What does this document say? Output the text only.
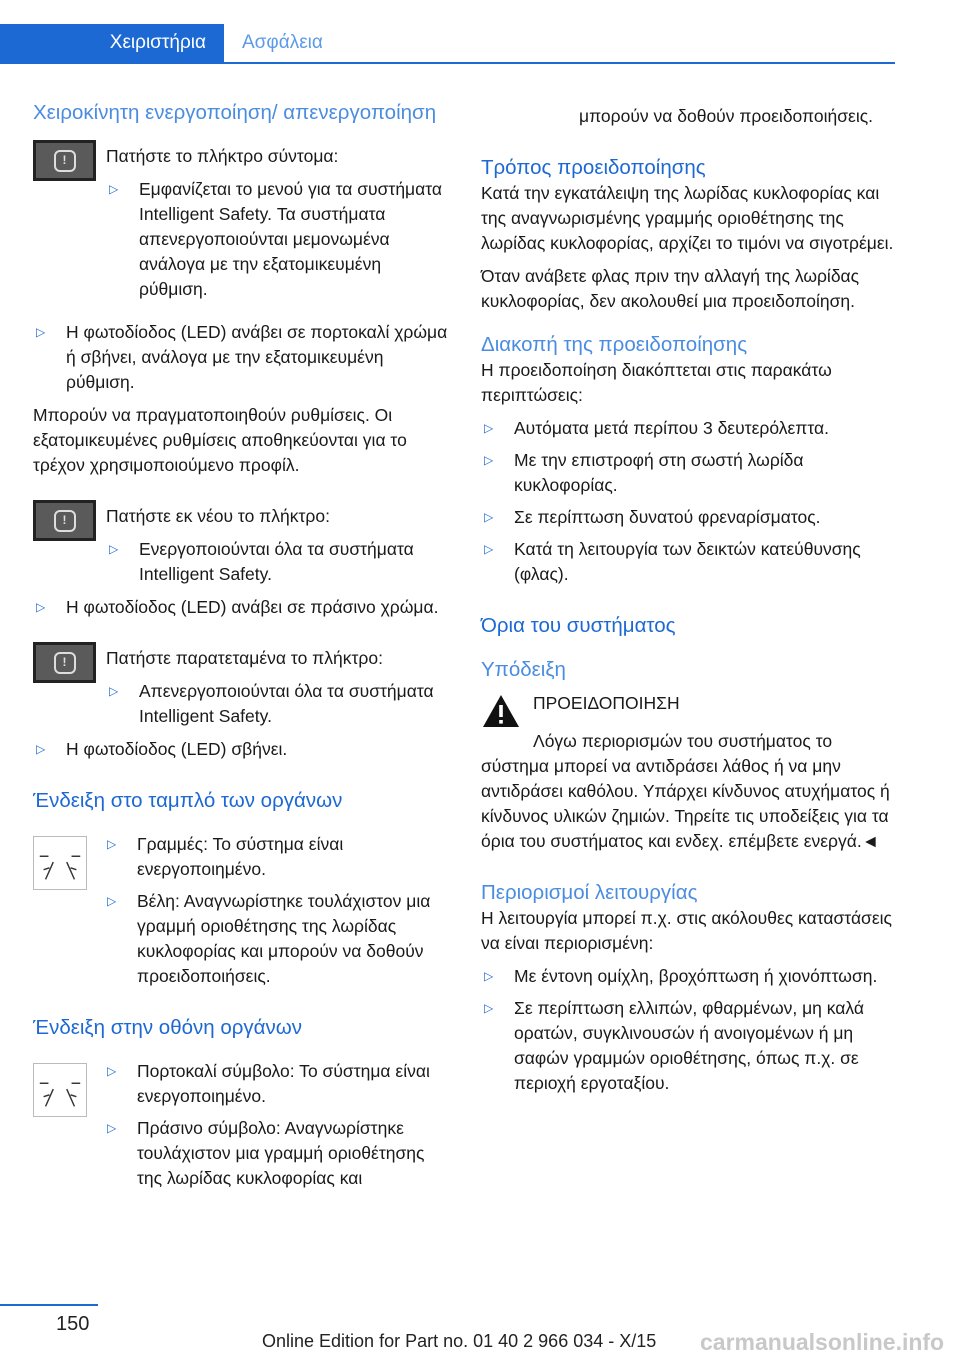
Χειριστήρια	Ασφάλεια
Χειροκίνητη ενεργοποίηση/ απενεργοποίηση
!	Πατήστε το πλήκτρο σύντομα:

▷ Εμφανίζεται το μενού για τα συστήματα Intelligent Safety. Τα συστήματα απενεργοποιούνται μεμονωμένα ανάλογα με την εξατομικευμένη ρύθμιση.
▷ Η φωτοδίοδος (LED) ανάβει σε πορτοκαλί χρώμα ή σβήνει, ανάλογα με την εξατομικευμένη ρύθμιση.

Μπορούν να πραγματοποιηθούν ρυθμίσεις. Οι εξατομικευμένες ρυθμίσεις αποθηκεύονται για το τρέχον χρησιμοποιούμενο προφίλ.

!	Πατήστε εκ νέου το πλήκτρο:

▷ Ενεργοποιούνται όλα τα συστήματα Intelligent Safety.
▷ Η φωτοδίοδος (LED) ανάβει σε πράσινο χρώμα.
!	Πατήστε παρατεταμένα το πλήκτρο:

▷ Απενεργοποιούνται όλα τα συστήματα Intelligent Safety.
▷ Η φωτοδίοδος (LED) σβήνει.
Ένδειξη στο ταμπλό των οργάνων
▷ Γραμμές: Το σύστημα είναι ενεργοποιημένο.
▷ Βέλη: Αναγνωρίστηκε τουλάχιστον μια γραμμή οριοθέτησης της λωρίδας κυκλοφορίας και μπορούν να δοθούν προειδοποιήσεις.
Ένδειξη στην οθόνη οργάνων
▷ Πορτοκαλί σύμβολο: Το σύστημα είναι ενεργοποιημένο.
▷ Πράσινο σύμβολο: Αναγνωρίστηκε τουλάχιστον μια γραμμή οριοθέτησης της λωρίδας κυκλοφορίας και

μπορούν να δοθούν προειδοποιήσεις.

Τρόπος προειδοποίησης

Κατά την εγκατάλειψη της λωρίδας κυκλοφορίας και της αναγνωρισμένης γραμμής οριοθέτησης της λωρίδας κυκλοφορίας, αρχίζει το τιμόνι να σιγοτρέμει.

Όταν ανάβετε φλας πριν την αλλαγή της λωρίδας κυκλοφορίας, δεν ακολουθεί μια προειδοποίηση.

Διακοπή της προειδοποίησης

Η προειδοποίηση διακόπτεται στις παρακάτω περιπτώσεις:

▷ Αυτόματα μετά περίπου 3 δευτερόλεπτα.
▷ Με την επιστροφή στη σωστή λωρίδα κυκλοφορίας.
▷ Σε περίπτωση δυνατού φρεναρίσματος.
▷ Κατά τη λειτουργία των δεικτών κατεύθυνσης (φλας).
Όρια του συστήματος
Υπόδειξη

ΠΡΟΕΙΔΟΠΟΙΗΣΗ

Λόγω περιορισμών του συστήματος το σύστημα μπορεί να αντιδράσει λάθος ή να μην αντιδράσει καθόλου. Υπάρχει κίνδυνος ατυχήματος ή κίνδυνος υλικών ζημιών. Τηρείτε τις υποδείξεις για τα όρια του συστήματος και ενδεχ. επέμβετε ενεργά.◄

Περιορισμοί λειτουργίας

Η λειτουργία μπορεί π.χ. στις ακόλουθες καταστάσεις να είναι περιορισμένη:

▷ Με έντονη ομίχλη, βροχόπτωση ή χιονόπτωση.
▷ Σε περίπτωση ελλιπών, φθαρμένων, μη καλά ορατών, συγκλινουσών ή ανοιγομένων ή μη σαφών γραμμών οριοθέτησης, όπως π.χ. σε περιοχή εργοταξίου.
150
Online Edition for Part no. 01 40 2 966 034 - X/15 carmanualsonline.info
